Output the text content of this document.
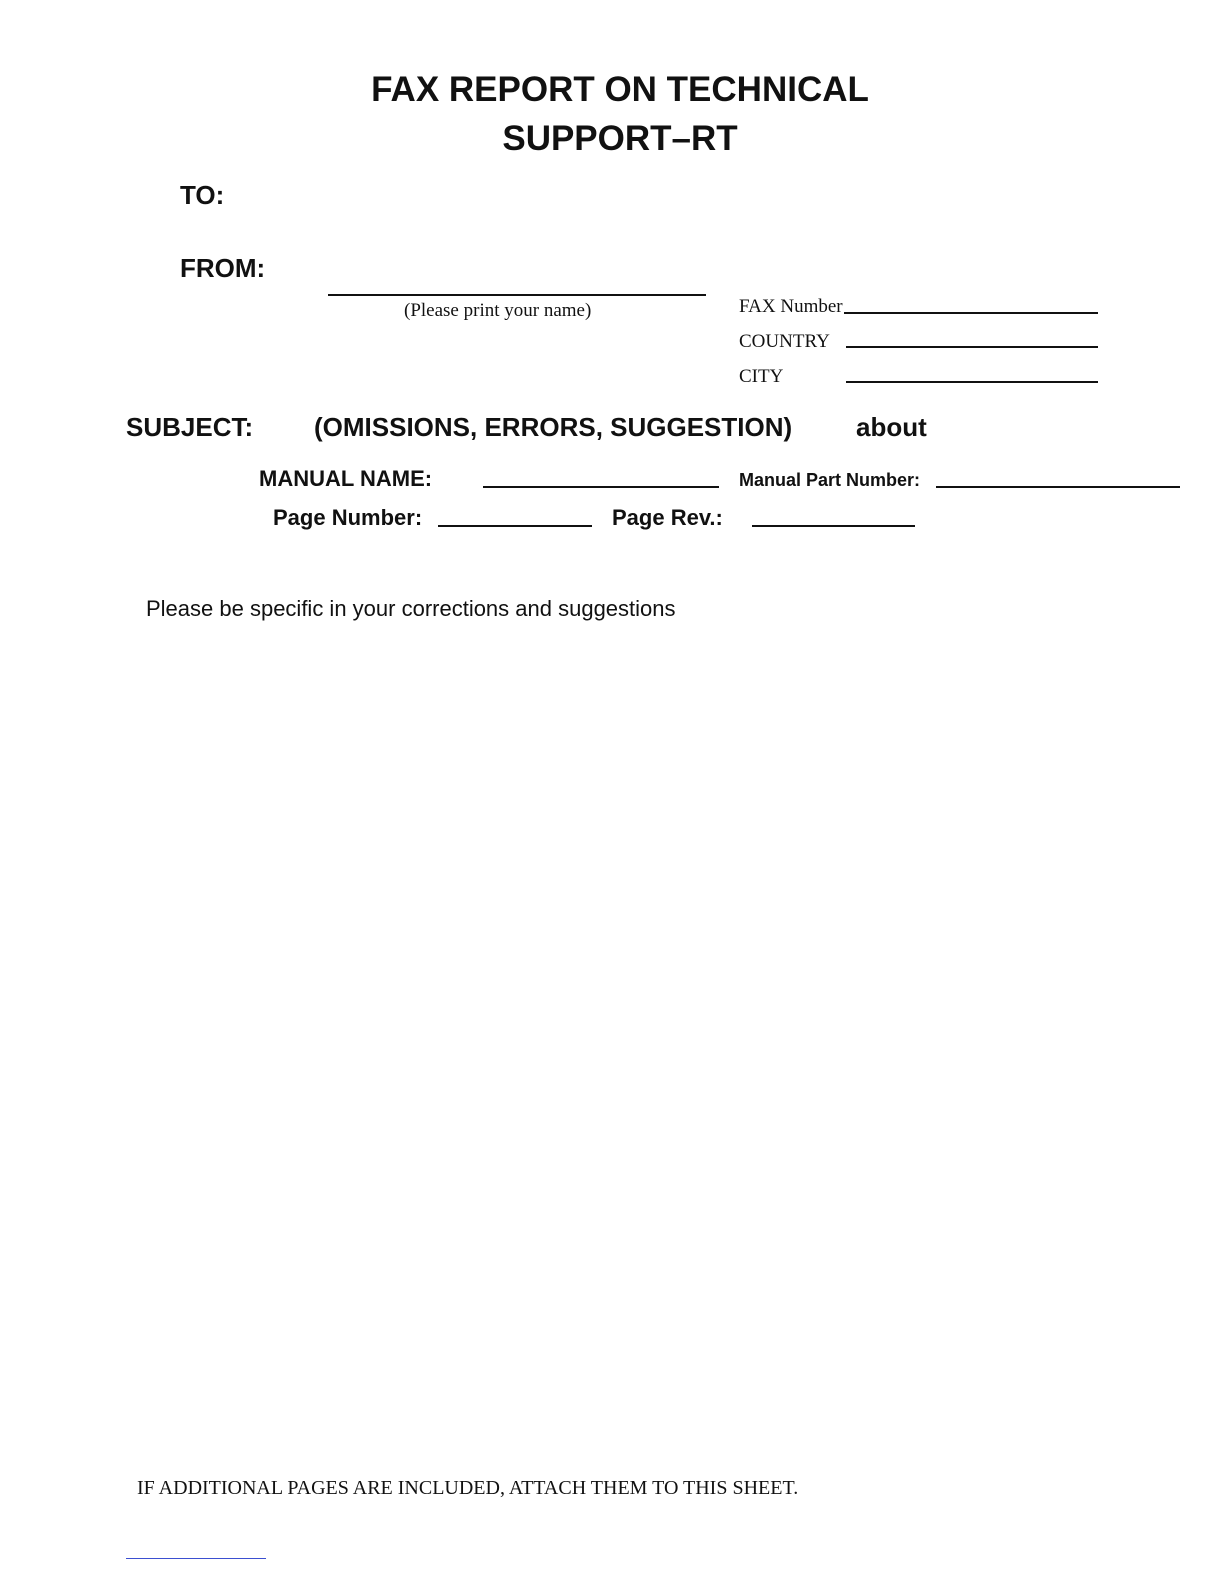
FAX REPORT ON TECHNICAL
SUPPORT–RT
TO:
FROM:
(Please print your name)	FAX Number
COUNTRY
CITY
SUBJECT: (OMISSIONS, ERRORS, SUGGESTION) about
MANUAL NAME:	Manual Part Number:
Page Number:	Page Rev.:
Please be specific in your corrections and suggestions
IF ADDITIONAL PAGES ARE INCLUDED, ATTACH THEM TO THIS SHEET.
